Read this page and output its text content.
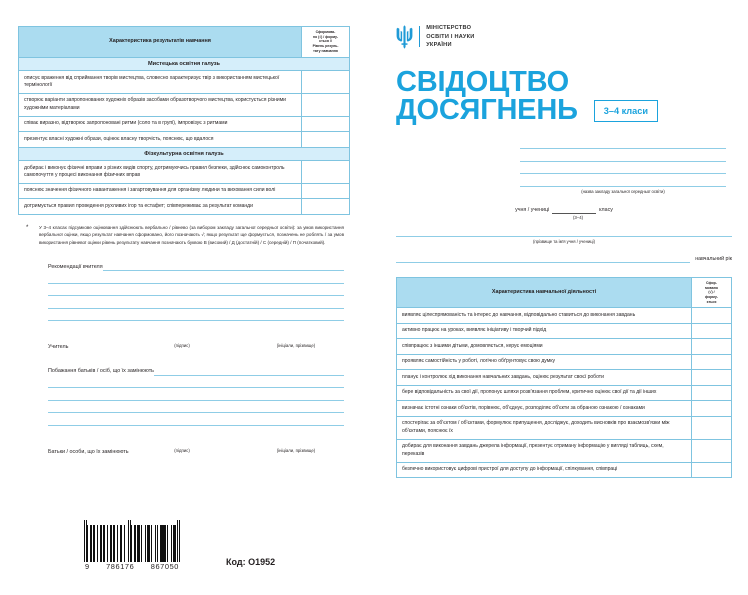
Характеристика результатів навчання	Сформова-
но (√) / форму-
ється //
Рівень резуль-
тату навчання

Мистецька освітня галузь	
описує враження від сприймання творів мистецтва, словесно характеризує твір з використанням мистецької термінології	
створює варіанти запропонованих художніх образів засобами образотворчого мистецтва, користується різними художніми матеріалами	
співає виразно, відтворює запропоновані ритми (соло та в групі), імпровізує з ритмами	
презентує власні художні образи, оцінює власну творчість, пояснює, що вдалося	
Фізкультурна освітня галузь	
добирає і виконує фізичні вправи з різних видів спорту, дотримуючись правил безпеки, здійснює самоконтроль самопочуття у процесі виконання фізичних вправ	
пояснює значення фізичного навантаження і загартовування для організму людини та виховання сили волі	
дотримується правил проведення рухливих ігор та естафет; співпереживає за результат команди	
*	У 3–4 класах підсумкове оцінювання здійснюють вербально / рівнево (за вибором закладу загальної середньої освіти): за умов використання вербальної оцінки, якщо результат навчання сформовано, його позначають √; якщо результат ще формується, позначень не роблять / за умов використання рівневої оцінки рівень результату навчання позначають буквою В (високий) / Д (достатній) / С (середній) / П (початковий).
Рекомендації вчителя
Учитель	(підпис)	(ініціали, прізвище)
Побажання батьків / осіб, що їх замінюють
Батьки / особи, що їх замінюють	(підпис)	(ініціали, прізвище)
9 786176 867050	Код: О1952
МІНІСТЕРСТВО
ОСВІТИ І НАУКИ
УКРАЇНИ
СВІДОЦТВО
ДОСЯГНЕНЬ	3–4 класи
(назва закладу загальної середньої освіти)
учня / учениці	класу
(3–4)
(прізвище та ім'я учня / учениці)
навчальний рік
Характеристика навчальної діяльності	Сфор-
мовано
(√) /
форму-
ється

виявляє цілеспрямованість та інтерес до навчання, відповідально ставиться до виконання завдань	
активно працює на уроках, виявляє ініціативу і творчий підхід	
співпрацює з іншими дітьми, домовляється, керує емоціями	
проявляє самостійність у роботі, логічно обґрунтовує свою думку	
планує і контролює хід виконання навчальних завдань, оцінює результат своєї роботи	
бере відповідальність за свої дії, пропонує шляхи розв'язання проблем, критично оцінює свої дії та дії інших	
визначає істотні ознаки об'єктів, порівнює, об'єднує, розподіляє об'єкти за обраною ознакою / ознаками	
спостерігає за об'єктом / об'єктами, формулює припущення, досліджує, доходить висновків про взаємозв'язки між об'єктами, пояснює їх	
добирає для виконання завдань джерела інформації, презентує отриману інформацію у вигляді таблиць, схем, переказів	
безпечно використовує цифрові пристрої для доступу до інформації, спілкування, співпраці	
